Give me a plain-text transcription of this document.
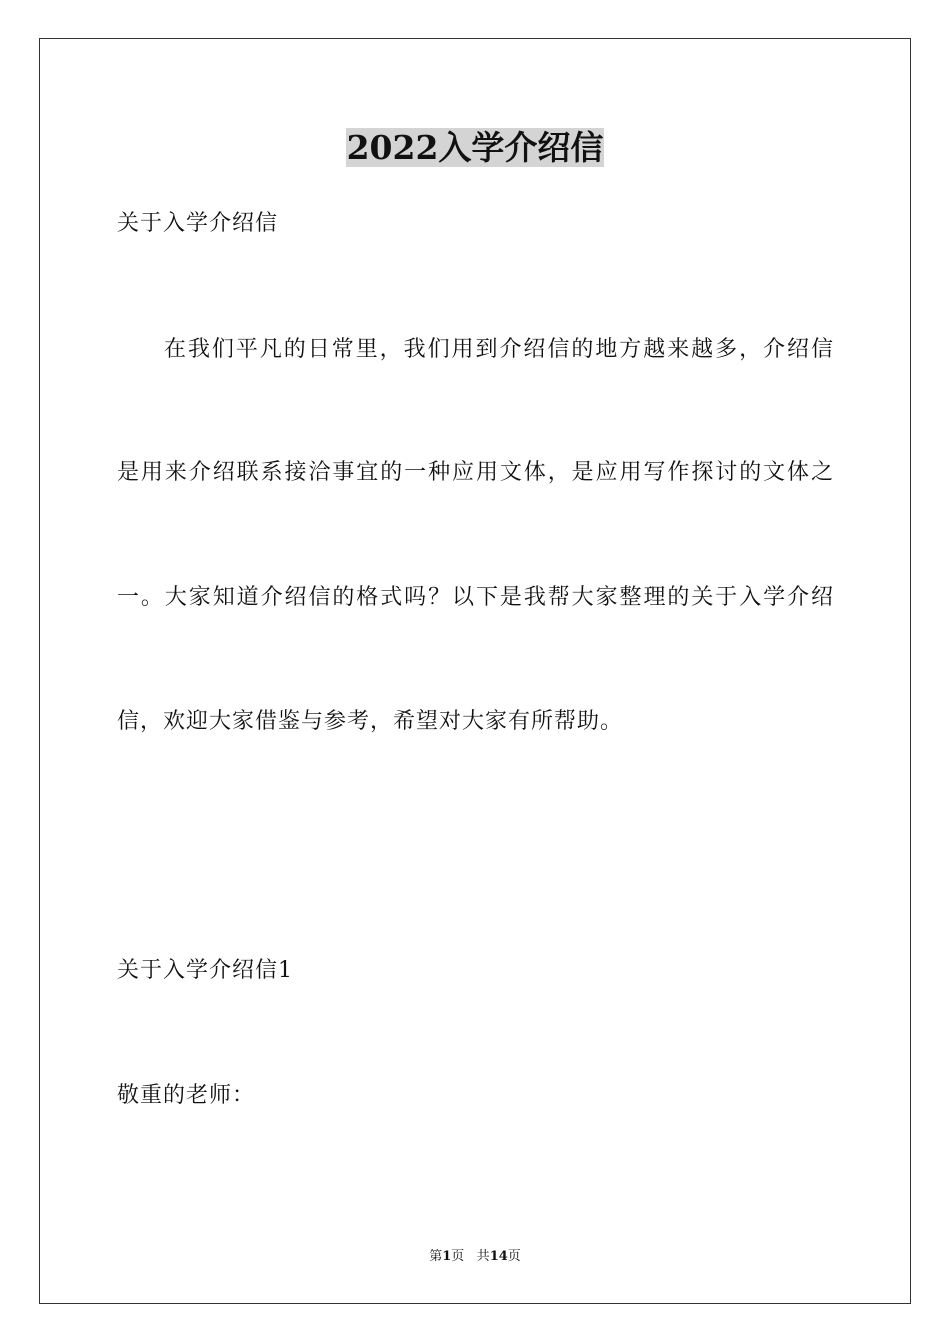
2022入学介绍信
关于入学介绍信
在我们平凡的日常里，我们用到介绍信的地方越来越多，介绍信
是用来介绍联系接洽事宜的一种应用文体，是应用写作探讨的文体之
一。大家知道介绍信的格式吗？以下是我帮大家整理的关于入学介绍
信，欢迎大家借鉴与参考，希望对大家有所帮助。
关于入学介绍信1
敬重的老师：
第1页 共14页
